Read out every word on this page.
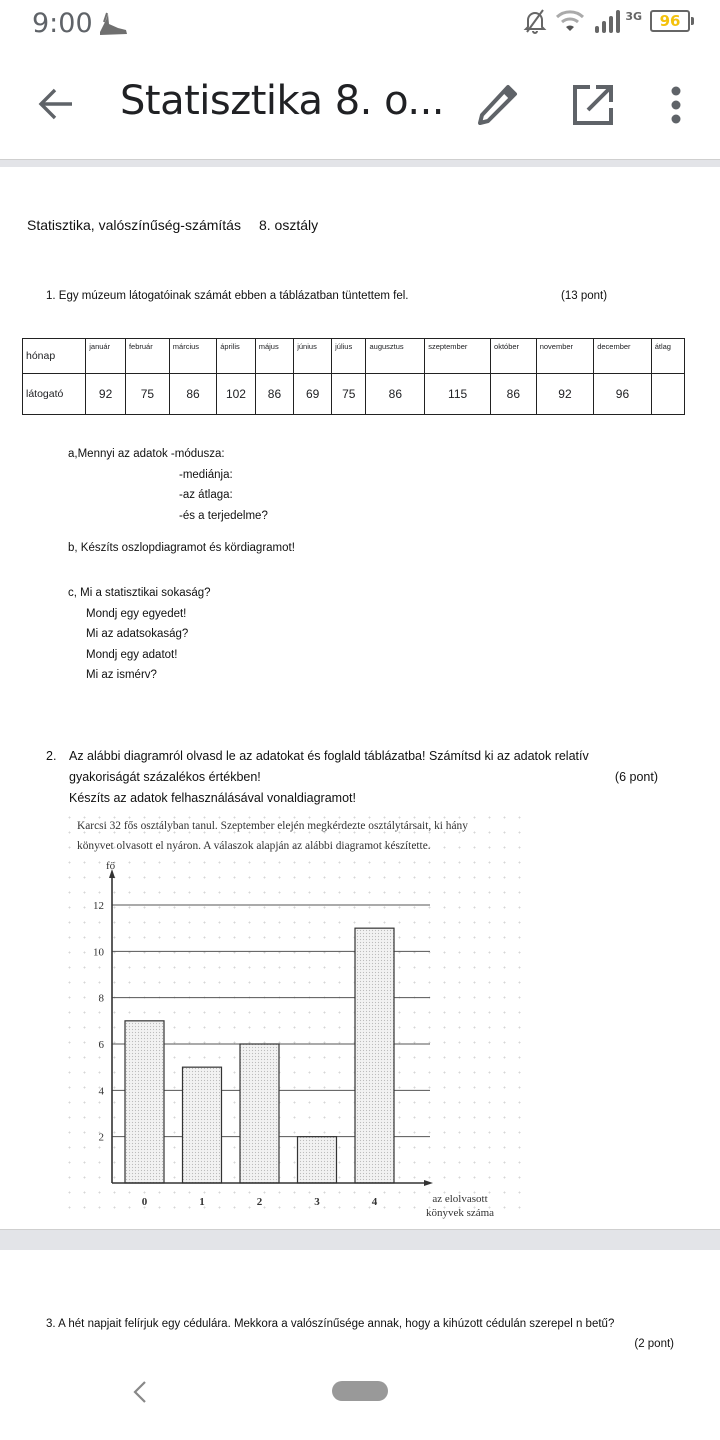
9:00	3G	96
Statisztika 8. o...
Statisztika, valószínűség-számítás 8. osztály
1. Egy múzeum látogatóinak számát ebben a táblázatban tüntettem fel.	(13 pont)
hónap	január	február	március	április	május	június	július	augusztus	szeptember	október	november	december	átlag
látogató	92	75	86	102	86	69	75	86	115	86	92	96	
a,Mennyi az adatok -módusza:
-mediánja:
-az átlaga:
-és a terjedelme?
b, Készíts oszlopdiagramot és kördiagramot!
c, Mi a statisztikai sokaság?
Mondj egy egyedet!
Mi az adatsokaság?
Mondj egy adatot!
Mi az ismérv?
2. Az alábbi diagramról olvasd le az adatokat és foglald táblázatba! Számítsd ki az adatok relatív
gyakoriságát százalékos értékben!
Készíts az adatok felhasználásával vonaldiagramot!
(6 pont)
Karcsi 32 fős osztályban tanul. Szeptember elején megkérdezte osztálytársait, ki hány
könyvet olvasott el nyáron. A válaszok alapján az alábbi diagramot készítette.
fő
2
4
6
8
10
12
0	1	2	3	4	az elolvasott
könyvek száma
3. A hét napjait felírjuk egy cédulára. Mekkora a valószínűsége annak, hogy a kihúzott cédulán szerepel n betű?
(2 pont)
